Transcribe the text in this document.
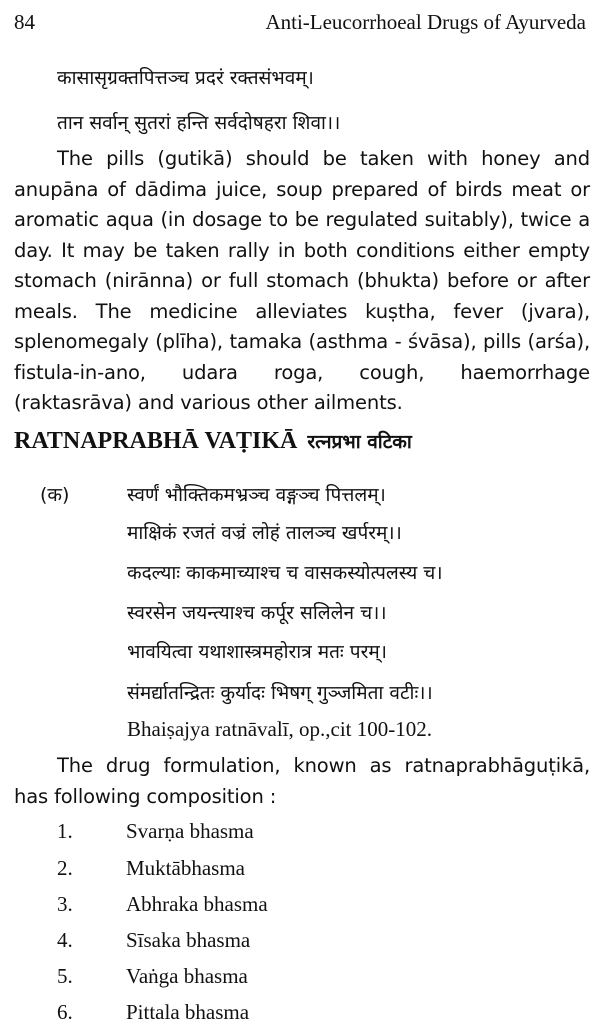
84	Anti-Leucorrhoeal Drugs of Ayurveda
कासासृग्रक्तपित्तञ्च प्रदरं रक्तसंभवम्।
तान सर्वान् सुतरां हन्ति सर्वदोषहरा शिवा।।
The pills (gutikā) should be taken with honey and anupāna of dādima juice, soup prepared of birds meat or aromatic aqua (in dosage to be regulated suitably), twice a day. It may be taken rally in both conditions either empty stomach (nirānna) or full stomach (bhukta) before or after meals. The medicine alleviates kuṣtha, fever (jvara), splenomegaly (plīha), tamaka (asthma - śvāsa), pills (arśa), fistula-in-ano, udara roga, cough, haemorrhage (raktasrāva) and various other ailments.
RATNAPRABHĀ VAṬIKĀ रत्नप्रभा वटिका
(क)	स्वर्णं भौक्तिकमभ्रञ्च वङ्गञ्च पित्तलम्।
माक्षिकं रजतं वज्रं लोहं तालञ्च खर्परम्।।
कदल्याः काकमाच्याश्च च वासकस्योत्पलस्य च।
स्वरसेन जयन्त्याश्च कर्पूर सलिलेन च।।
भावयित्वा यथाशास्त्रमहोरात्र मतः परम्।
संमर्द्यातन्द्रितः कुर्यादः भिषग् गुञ्जमिता वटीः।।
Bhaiṣajya ratnāvalī, op.,cit 100-102.
The drug formulation, known as ratnaprabhāguṭikā, has following composition :
1.	Svarṇa bhasma
2.	Muktābhasma
3.	Abhraka bhasma
4.	Sīsaka bhasma
5.	Vaṅga bhasma
6.	Pittala bhasma
